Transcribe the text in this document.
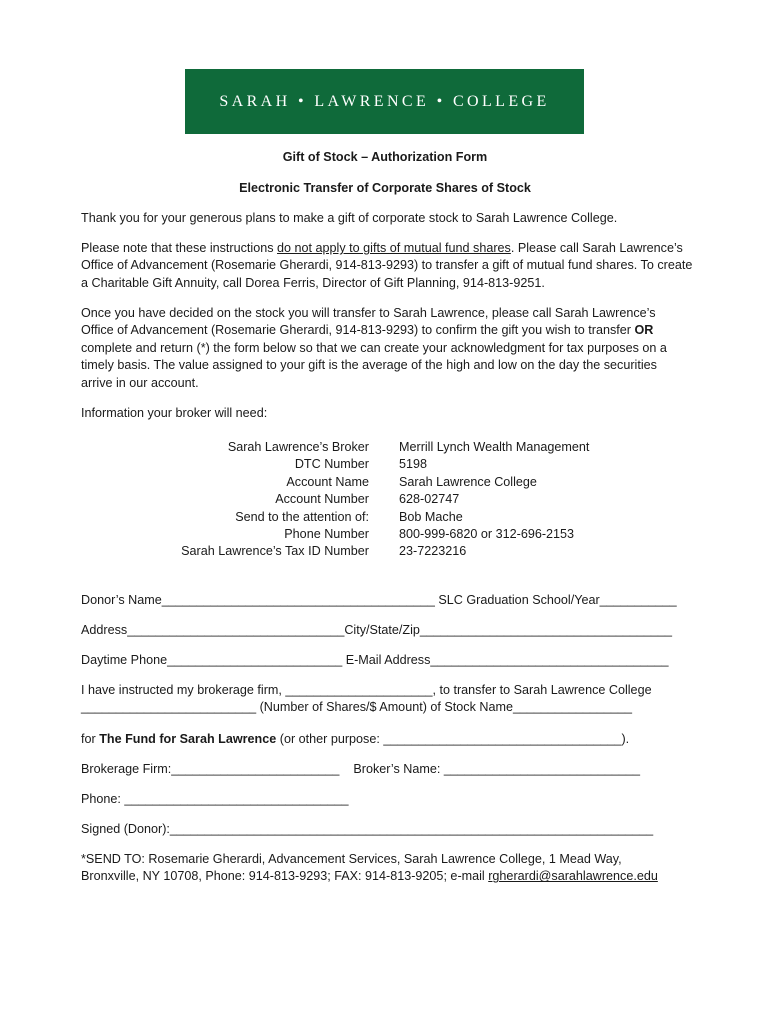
SARAH • LAWRENCE • COLLEGE
Gift of Stock – Authorization Form
Electronic Transfer of Corporate Shares of Stock

Thank you for your generous plans to make a gift of corporate stock to Sarah Lawrence College.

Please note that these instructions do not apply to gifts of mutual fund shares. Please call Sarah Lawrence’s Office of Advancement (Rosemarie Gherardi, 914-813-9293) to transfer a gift of mutual fund shares. To create a Charitable Gift Annuity, call Dorea Ferris, Director of Gift Planning, 914-813-9251.

Once you have decided on the stock you will transfer to Sarah Lawrence, please call Sarah Lawrence’s Office of Advancement (Rosemarie Gherardi, 914-813-9293) to confirm the gift you wish to transfer OR complete and return (*) the form below so that we can create your acknowledgment for tax purposes on a timely basis. The value assigned to your gift is the average of the high and low on the day the securities arrive in our account.

Information your broker will need:

Sarah Lawrence’s Broker Merrill Lynch Wealth Management
DTC Number 5198
Account Name Sarah Lawrence College
Account Number 628-02747
Send to the attention of: Bob Mache
Phone Number 800-999-6820 or 312-696-2153
Sarah Lawrence’s Tax ID Number 23-7223216
Donor’s Name_______________________________________ SLC Graduation School/Year___________
Address_______________________________City/State/Zip____________________________________
Daytime Phone_________________________ E-Mail Address__________________________________
I have instructed my brokerage firm, _____________________, to transfer to Sarah Lawrence College
_________________________ (Number of Shares/$ Amount) of Stock Name_________________
for The Fund for Sarah Lawrence (or other purpose: __________________________________).
Brokerage Firm:________________________    Broker’s Name: ____________________________
Phone: ________________________________
Signed (Donor):_____________________________________________________________________

*SEND TO: Rosemarie Gherardi, Advancement Services, Sarah Lawrence College, 1 Mead Way, Bronxville, NY 10708, Phone: 914-813-9293; FAX: 914-813-9205; e-mail rgherardi@sarahlawrence.edu
